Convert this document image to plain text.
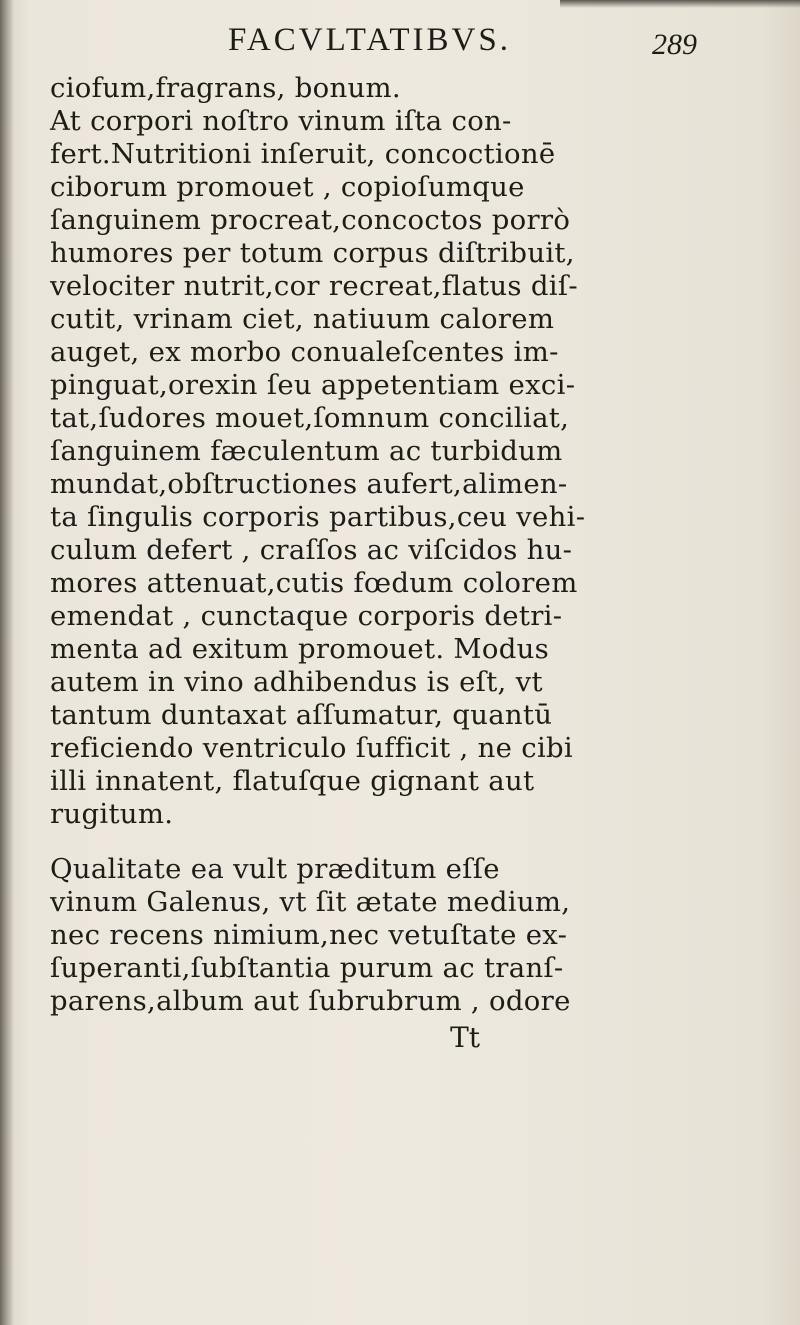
FACVLTATIBVS.	289
ciofum,fragrans, bonum.
At corpori noſtro vinum iſta con-
fert.Nutritioni inſeruit, concoctionē
ciborum promouet , copioſumque
ſanguinem procreat,concoctos porrò
humores per totum corpus diſtribuit,
velociter nutrit,cor recreat,flatus diſ-
cutit, vrinam ciet, natiuum calorem
auget, ex morbo conualeſcentes im-
pinguat,orexin ſeu appetentiam exci-
tat,ſudores mouet,ſomnum conciliat,
ſanguinem fæculentum ac turbidum
mundat,obſtructiones aufert,alimen-
ta ſingulis corporis partibus,ceu vehi-
culum defert , craſſos ac viſcidos hu-
mores attenuat,cutis fœdum colorem
emendat , cunctaque corporis detri-
menta ad exitum promouet. Modus
autem in vino adhibendus is eſt, vt
tantum duntaxat aſſumatur, quantū
reficiendo ventriculo ſufficit , ne cibi
illi innatent, flatuſque gignant aut
rugitum.
Qualitate ea vult præditum eſſe
vinum Galenus, vt ſit ætate medium,
nec recens nimium,nec vetuſtate ex-
ſuperanti,ſubſtantia purum ac tranſ-
parens,album aut ſubrubrum , odore
Tt
